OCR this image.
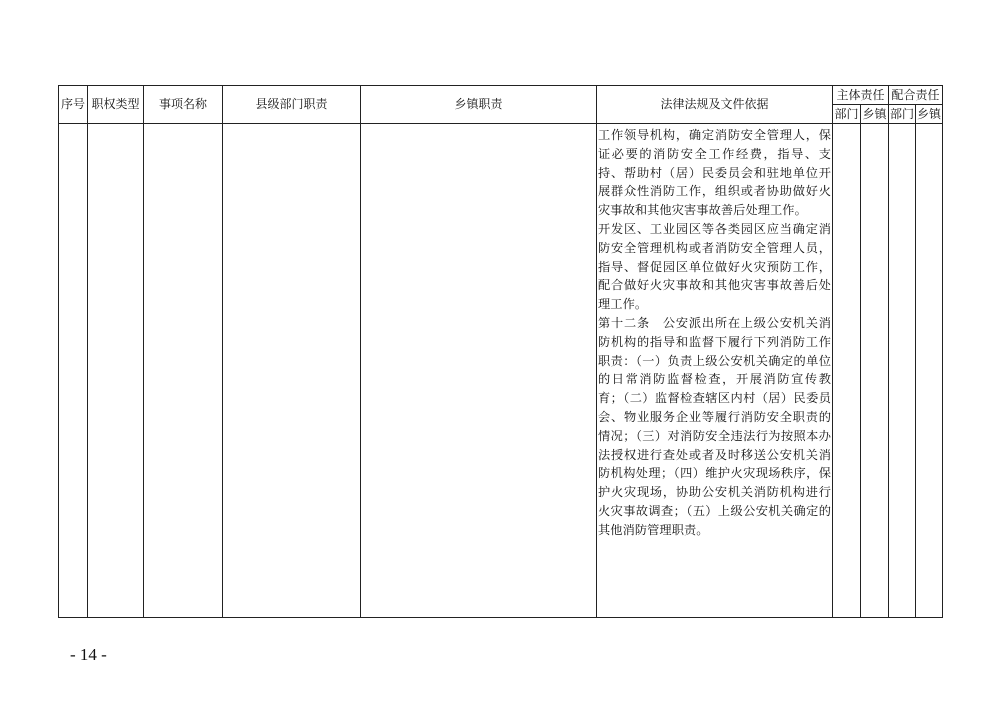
序号	职权类型	事项名称	县级部门职责	乡镇职责	法律法规及文件依据	主体责任		配合责任	
						部门	乡镇	部门	乡镇

					工作领导机构，确定消防安全管理人，保证必要的消防安全工作经费，指导、支持、帮助村（居）民委员会和驻地单位开展群众性消防工作，组织或者协助做好火灾事故和其他灾害事故善后处理工作。

开发区、工业园区等各类园区应当确定消防安全管理机构或者消防安全管理人员，指导、督促园区单位做好火灾预防工作，配合做好火灾事故和其他灾害事故善后处理工作。

第十二条　公安派出所在上级公安机关消防机构的指导和监督下履行下列消防工作职责：（一）负责上级公安机关确定的单位的日常消防监督检查，开展消防宣传教育；（二）监督检查辖区内村（居）民委员会、物业服务企业等履行消防安全职责的情况；（三）对消防安全违法行为按照本办法授权进行查处或者及时移送公安机关消防机构处理；（四）维护火灾现场秩序，保护火灾现场，协助公安机关消防机构进行火灾事故调查；（五）上级公安机关确定的其他消防管理职责。				

- 14 -
